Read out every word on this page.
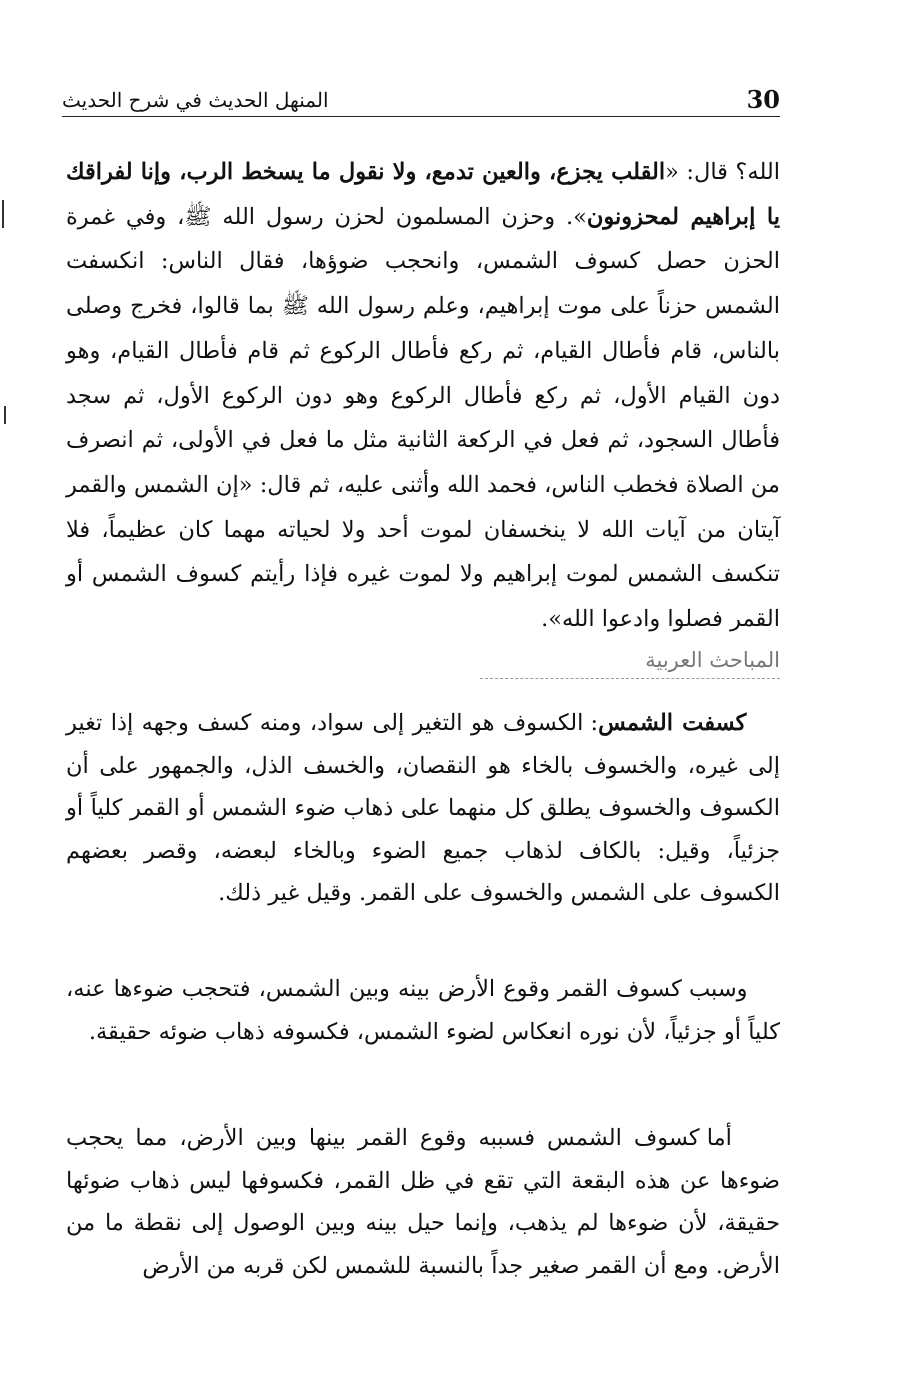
30
المنهل الحديث في شرح الحديث

الله؟ قال: «القلب يجزع، والعين تدمع، ولا نقول ما يسخط الرب، وإنا لفراقك يا إبراهيم لمحزونون». وحزن المسلمون لحزن رسول الله ﷺ، وفي غمرة الحزن حصل كسوف الشمس، وانحجب ضوؤها، فقال الناس: انكسفت الشمس حزناً على موت إبراهيم، وعلم رسول الله ﷺ بما قالوا، فخرج وصلى بالناس، قام فأطال القيام، ثم ركع فأطال الركوع ثم قام فأطال القيام، وهو دون القيام الأول، ثم ركع فأطال الركوع وهو دون الركوع الأول، ثم سجد فأطال السجود، ثم فعل في الركعة الثانية مثل ما فعل في الأولى، ثم انصرف من الصلاة فخطب الناس، فحمد الله وأثنى عليه، ثم قال: «إن الشمس والقمر آيتان من آيات الله لا ينخسفان لموت أحد ولا لحياته مهما كان عظيماً، فلا تنكسف الشمس لموت إبراهيم ولا لموت غيره فإذا رأيتم كسوف الشمس أو القمر فصلوا وادعوا الله».

المباحث العربية

كسفت الشمس: الكسوف هو التغير إلى سواد، ومنه كسف وجهه إذا تغير إلى غيره، والخسوف بالخاء هو النقصان، والخسف الذل، والجمهور على أن الكسوف والخسوف يطلق كل منهما على ذهاب ضوء الشمس أو القمر كلياً أو جزئياً، وقيل: بالكاف لذهاب جميع الضوء وبالخاء لبعضه، وقصر بعضهم الكسوف على الشمس والخسوف على القمر. وقيل غير ذلك.

وسبب كسوف القمر وقوع الأرض بينه وبين الشمس، فتحجب ضوءها عنه، كلياً أو جزئياً، لأن نوره انعكاس لضوء الشمس، فكسوفه ذهاب ضوئه حقيقة.

أما كسوف الشمس فسببه وقوع القمر بينها وبين الأرض، مما يحجب ضوءها عن هذه البقعة التي تقع في ظل القمر، فكسوفها ليس ذهاب ضوئها حقيقة، لأن ضوءها لم يذهب، وإنما حيل بينه وبين الوصول إلى نقطة ما من الأرض. ومع أن القمر صغير جداً بالنسبة للشمس لكن قربه من الأرض
